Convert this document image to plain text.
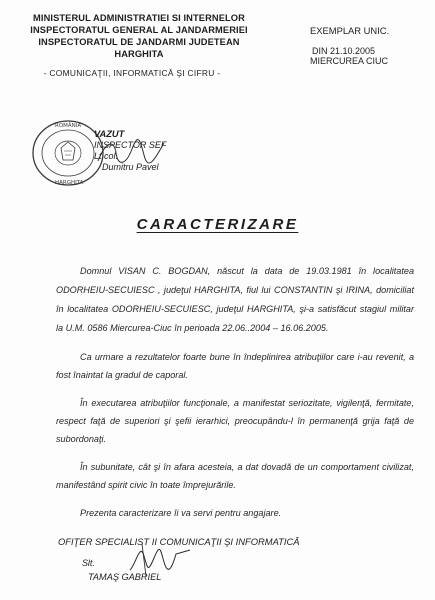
MINISTERUL ADMINISTRATIEI SI INTERNELOR
INSPECTORATUL GENERAL AL JANDARMERIEI
INSPECTORATUL DE JANDARMI JUDETEAN HARGHITA
- COMUNICAŢII, INFORMATICĂ ŞI CIFRU -
EXEMPLAR UNIC.
DIN 21.10.2005
MIERCUREA CIUC
ROMÂNIA
HARGHITA
VAZUT
INSPECTOR SEF
Lt.col.
Dumitru Pavel
CARACTERIZARE

Domnul VISAN C. BOGDAN, născut la data de 19.03.1981 în localitatea ODORHEIU-SECUIESC , judeţul HARGHITA, fiul lui CONSTANTIN şi IRINA, domiciliat în localitatea ODORHEIU-SECUIESC, judeţul HARGHITA, şi-a satisfăcut stagiul militar la U.M. 0586 Miercurea-Ciuc în perioada 22.06..2004 – 16.06.2005.

Ca urmare a rezultatelor foarte bune în îndeplinirea atribuţiilor care i-au revenit, a fost înaintat la gradul de caporal.

În executarea atribuţiilor funcţionale, a manifestat seriozitate, vigilenţă, fermitate, respect faţă de superiori şi şefii ierarhici, preocupându-l în permanenţă grija faţă de subordonaţi.

În subunitate, cât şi în afara acesteia, a dat dovadă de un comportament civilizat, manifestând spirit civic în toate împrejurările.

Prezenta caracterizare îi va servi pentru angajare.

OFIŢER SPECIALIST II COMUNICAŢII ŞI INFORMATICĂ
Slt.
TAMAŞ GABRIEL
